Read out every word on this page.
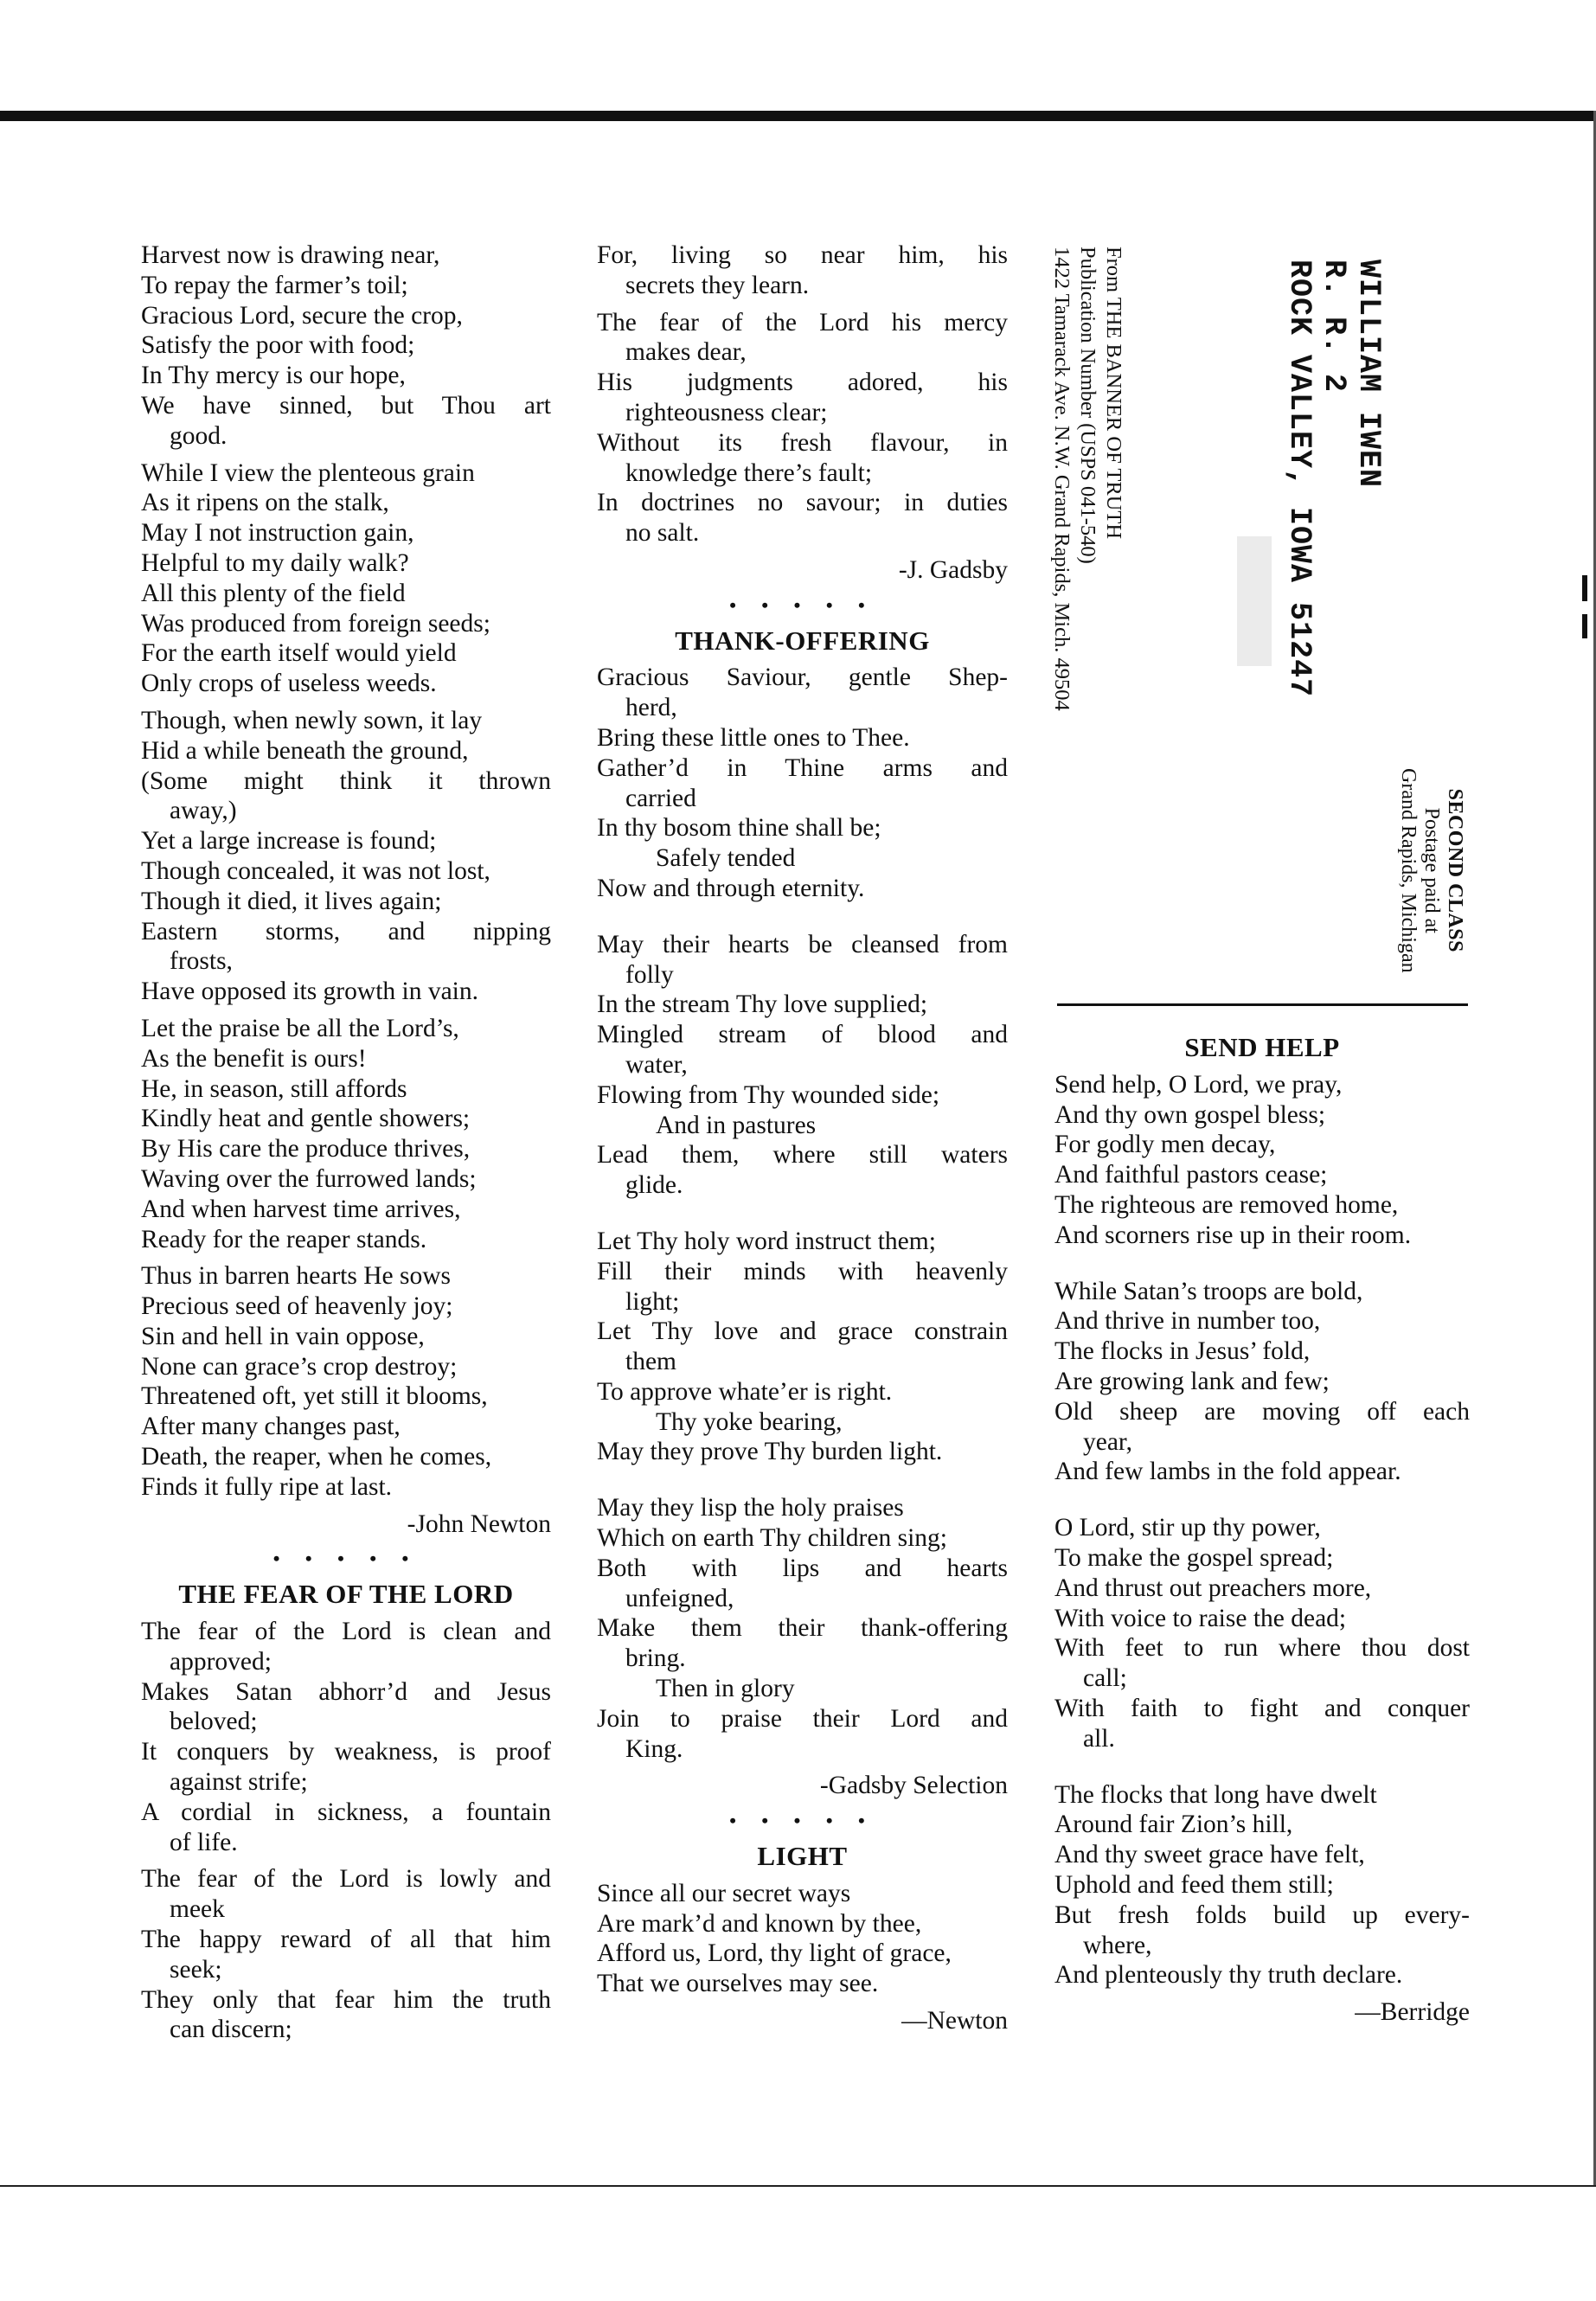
Harvest now is drawing near,
To repay the farmer’s toil;
Gracious Lord, secure the crop,
Satisfy the poor with food;
In Thy mercy is our hope,
We have sinned, but Thou art
good.
While I view the plenteous grain
As it ripens on the stalk,
May I not instruction gain,
Helpful to my daily walk?
All this plenty of the field
Was produced from foreign seeds;
For the earth itself would yield
Only crops of useless weeds.
Though, when newly sown, it lay
Hid a while beneath the ground,
(Some might think it thrown
away,)
Yet a large increase is found;
Though concealed, it was not lost,
Though it died, it lives again;
Eastern storms, and nipping
frosts,
Have opposed its growth in vain.
Let the praise be all the Lord’s,
As the benefit is ours!
He, in season, still affords
Kindly heat and gentle showers;
By His care the produce thrives,
Waving over the furrowed lands;
And when harvest time arrives,
Ready for the reaper stands.
Thus in barren hearts He sows
Precious seed of heavenly joy;
Sin and hell in vain oppose,
None can grace’s crop destroy;
Threatened oft, yet still it blooms,
After many changes past,
Death, the reaper, when he comes,
Finds it fully ripe at last.
-John Newton
• • • • •
THE FEAR OF THE LORD
The fear of the Lord is clean and
approved;
Makes Satan abhorr’d and Jesus
beloved;
It conquers by weakness, is proof
against strife;
A cordial in sickness, a fountain
of life.
The fear of the Lord is lowly and
meek
The happy reward of all that him
seek;
They only that fear him the truth
can discern;
For, living so near him, his
secrets they learn.
The fear of the Lord his mercy
makes dear,
His judgments adored, his
righteousness clear;
Without its fresh flavour, in
knowledge there’s fault;
In doctrines no savour; in duties
no salt.
-J. Gadsby
• • • • •
THANK-OFFERING
Gracious Saviour, gentle Shep-
herd,
Bring these little ones to Thee.
Gather’d in Thine arms and
carried
In thy bosom thine shall be;
Safely tended
Now and through eternity.
May their hearts be cleansed from
folly
In the stream Thy love supplied;
Mingled stream of blood and
water,
Flowing from Thy wounded side;
And in pastures
Lead them, where still waters
glide.
Let Thy holy word instruct them;
Fill their minds with heavenly
light;
Let Thy love and grace constrain
them
To approve whate’er is right.
Thy yoke bearing,
May they prove Thy burden light.
May they lisp the holy praises
Which on earth Thy children sing;
Both with lips and hearts
unfeigned,
Make them their thank-offering
bring.
Then in glory
Join to praise their Lord and
King.
-Gadsby Selection
• • • • •
LIGHT
Since all our secret ways
Are mark’d and known by thee,
Afford us, Lord, thy light of grace,
That we ourselves may see.
—Newton
From THE BANNER OF TRUTH
Publication Number (USPS 041-540)
1422 Tamarack Ave. N.W. Grand Rapids, Mich. 49504	WILLIAM IWEN
R. R. 2
ROCK VALLEY, IOWA 51247
SECOND CLASS
Postage paid at
Grand Rapids, Michigan
SEND HELP
Send help, O Lord, we pray,
And thy own gospel bless;
For godly men decay,
And faithful pastors cease;
The righteous are removed home,
And scorners rise up in their room.
While Satan’s troops are bold,
And thrive in number too,
The flocks in Jesus’ fold,
Are growing lank and few;
Old sheep are moving off each
year,
And few lambs in the fold appear.
O Lord, stir up thy power,
To make the gospel spread;
And thrust out preachers more,
With voice to raise the dead;
With feet to run where thou dost
call;
With faith to fight and conquer
all.
The flocks that long have dwelt
Around fair Zion’s hill,
And thy sweet grace have felt,
Uphold and feed them still;
But fresh folds build up every-
where,
And plenteously thy truth declare.
—Berridge
